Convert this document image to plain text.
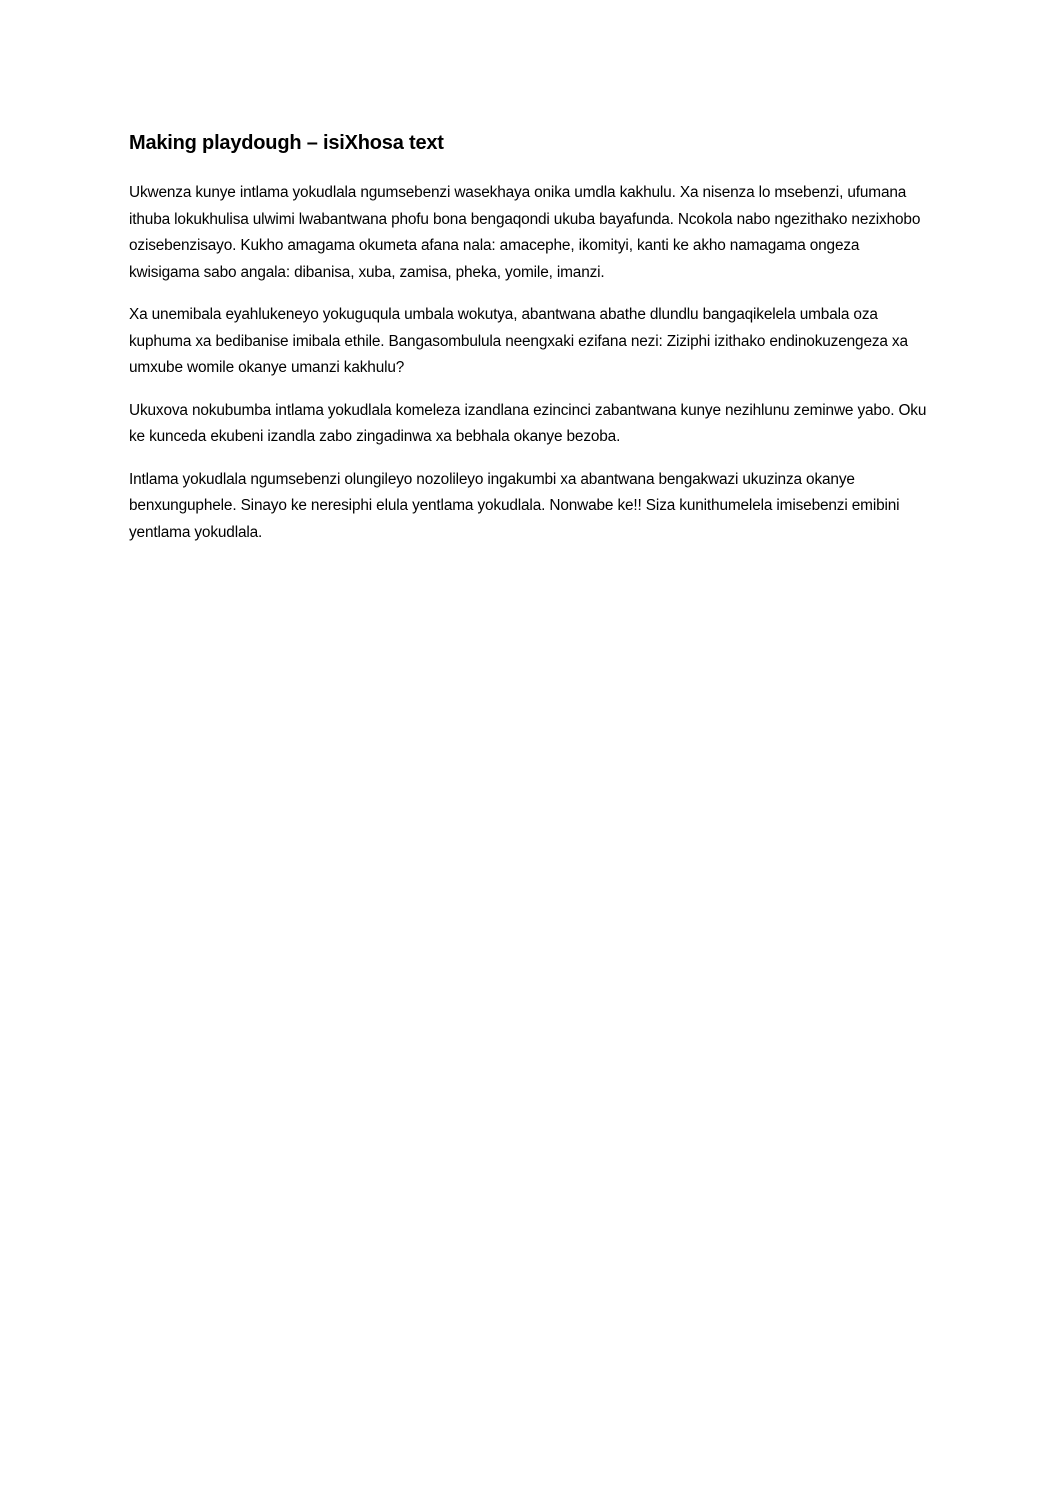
Making playdough – isiXhosa text

Ukwenza kunye intlama yokudlala ngumsebenzi wasekhaya onika umdla kakhulu. Xa nisenza lo msebenzi, ufumana ithuba lokukhulisa ulwimi lwabantwana phofu bona bengaqondi ukuba bayafunda. Ncokola nabo ngezithako nezixhobo ozisebenzisayo. Kukho amagama okumeta afana nala: amacephe, ikomityi, kanti ke akho namagama ongeza kwisigama sabo angala: dibanisa, xuba, zamisa, pheka, yomile, imanzi.

Xa unemibala eyahlukeneyo yokuguqula umbala wokutya, abantwana abathe dlundlu bangaqikelela umbala oza kuphuma xa bedibanise imibala ethile. Bangasombulula neengxaki ezifana nezi: Ziziphi izithako endinokuzengeza xa umxube womile okanye umanzi kakhulu?

Ukuxova nokubumba intlama yokudlala komeleza izandlana ezincinci zabantwana kunye nezihlunu zeminwe yabo. Oku ke kunceda ekubeni izandla zabo zingadinwa xa bebhala okanye bezoba.

Intlama yokudlala ngumsebenzi olungileyo nozolileyo ingakumbi xa abantwana bengakwazi ukuzinza okanye benxunguphele. Sinayo ke neresiphi elula yentlama yokudlala. Nonwabe ke!! Siza kunithumelela imisebenzi emibini yentlama yokudlala.
